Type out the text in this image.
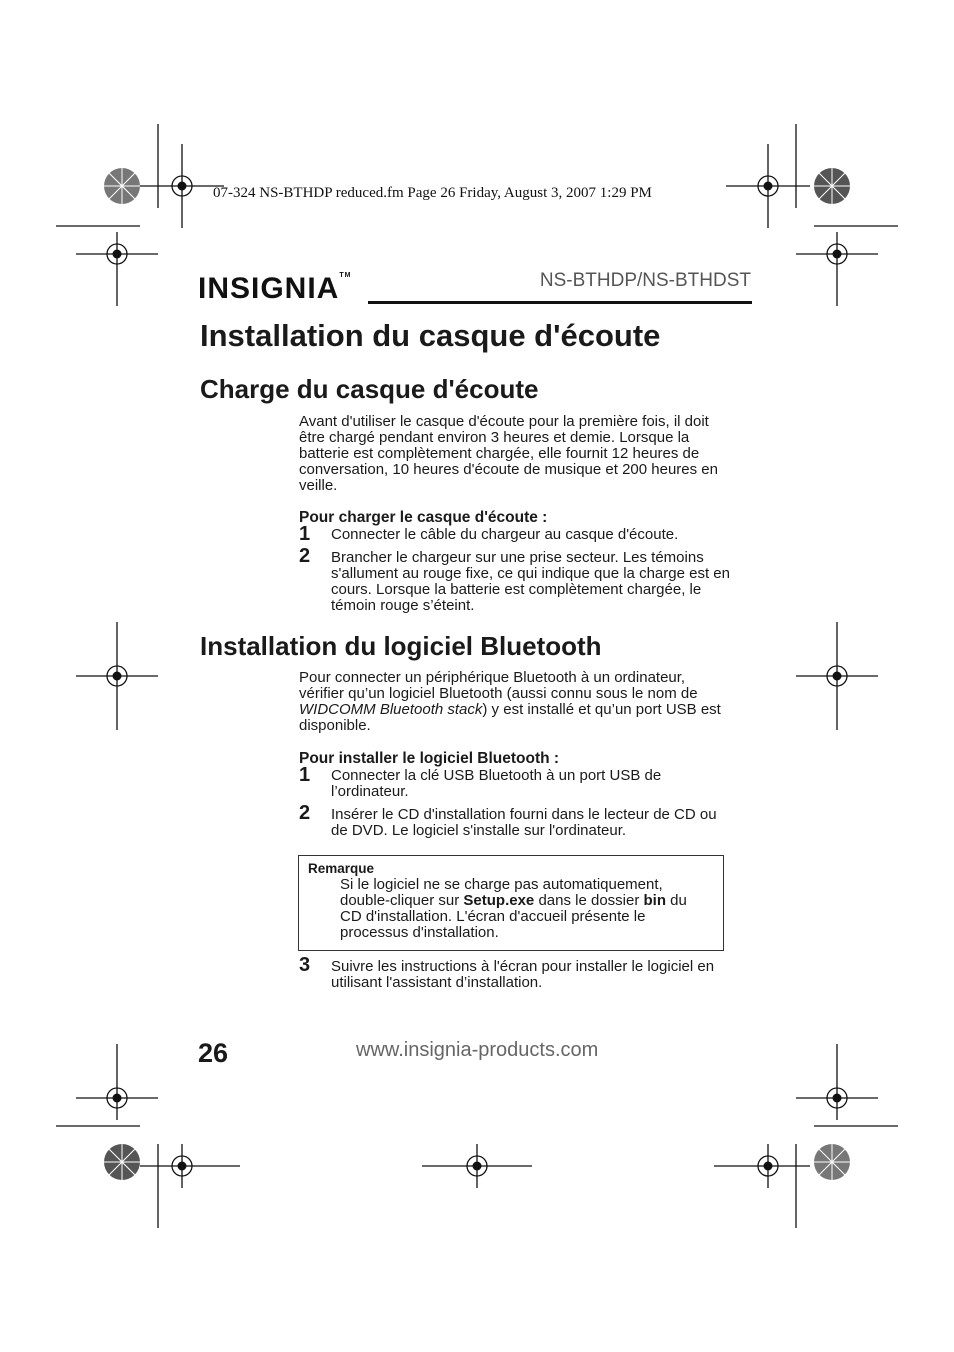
07-324 NS-BTHDP reduced.fm Page 26 Friday, August 3, 2007 1:29 PM
INSIGNIA™	NS-BTHDP/NS-BTHDST
Installation du casque d'écoute
Charge du casque d'écoute
Avant d'utiliser le casque d'écoute pour la première fois, il doit
être chargé pendant environ 3 heures et demie. Lorsque la
batterie est complètement chargée, elle fournit 12 heures de
conversation, 10 heures d'écoute de musique et 200 heures en
veille.
Pour charger le casque d'écoute :
1 Connecter le câble du chargeur au casque d'écoute.
2 Brancher le chargeur sur une prise secteur. Les témoins
s'allument au rouge fixe, ce qui indique que la charge est en
cours. Lorsque la batterie est complètement chargée, le
témoin rouge s’éteint.
Installation du logiciel Bluetooth
Pour connecter un périphérique Bluetooth à un ordinateur,
vérifier qu’un logiciel Bluetooth (aussi connu sous le nom de
WIDCOMM Bluetooth stack) y est installé et qu’un port USB est
disponible.
Pour installer le logiciel Bluetooth :
1 Connecter la clé USB Bluetooth à un port USB de
l’ordinateur.
2 Insérer le CD d'installation fourni dans le lecteur de CD ou
de DVD. Le logiciel s'installe sur l'ordinateur.
Remarque
Si le logiciel ne se charge pas automatiquement,
double-cliquer sur Setup.exe dans le dossier bin du
CD d'installation. L'écran d'accueil présente le
processus d'installation.
3 Suivre les instructions à l'écran pour installer le logiciel en
utilisant l'assistant d’installation.
26	www.insignia-products.com
